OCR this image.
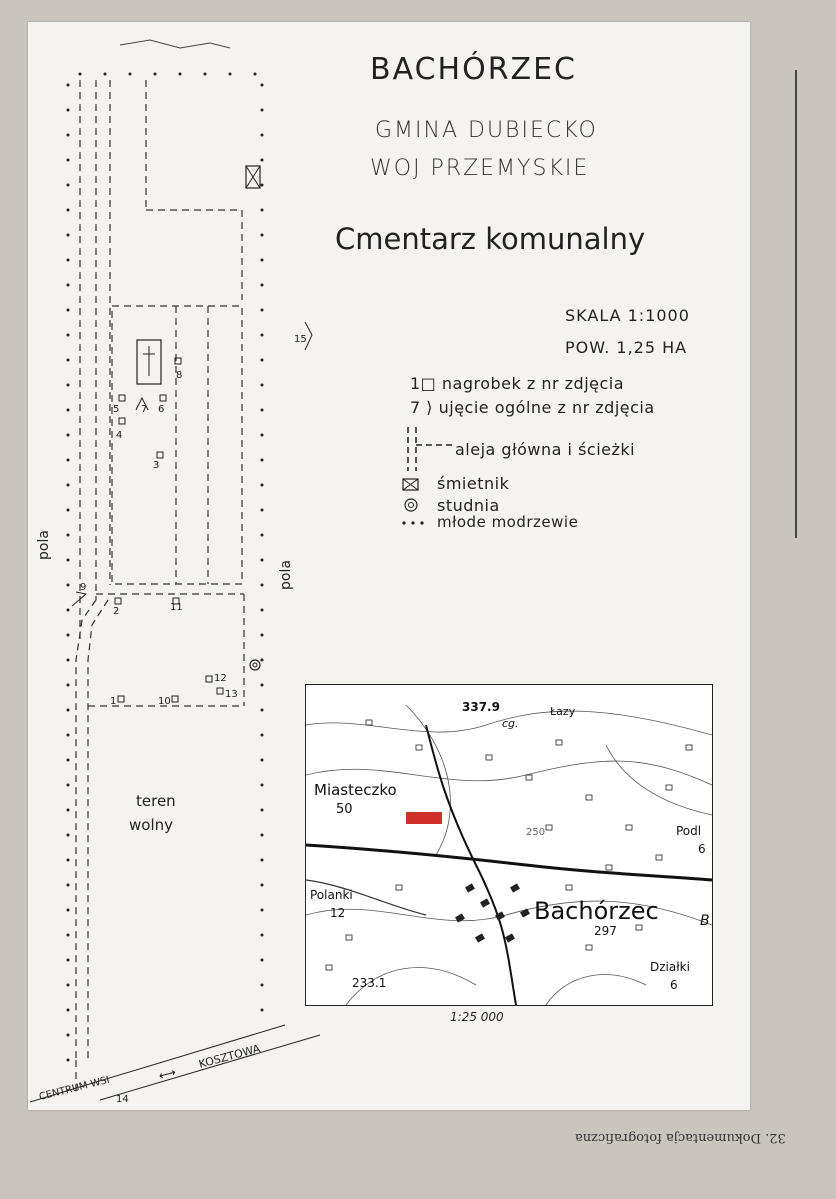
BACHÓRZEC
GMINA DUBIECKO
WOJ PRZEMYSKIE
Cmentarz komunalny
SKALA 1:1000
POW. 1,25 HA
1□ nagrobek z nr zdjęcia
7 ⟩ ujęcie ogólne z nr zdjęcia
aleja główna i ścieżki
śmietnik
studnia
młode modrzewie
5	6
7
4
3
8
2	11
9
12
13
1	10
14
15
pola
pola
teren
wolny
CENTRUM WSI
KOSZTOWA
⟷
337.9
cg.
Łazy
Miasteczko
50
Podl
6
Polanki
12	Bachórzec	B
297
250
Działki
6
233.1
1:25 000
32. Dokumentacja fotograficzna
